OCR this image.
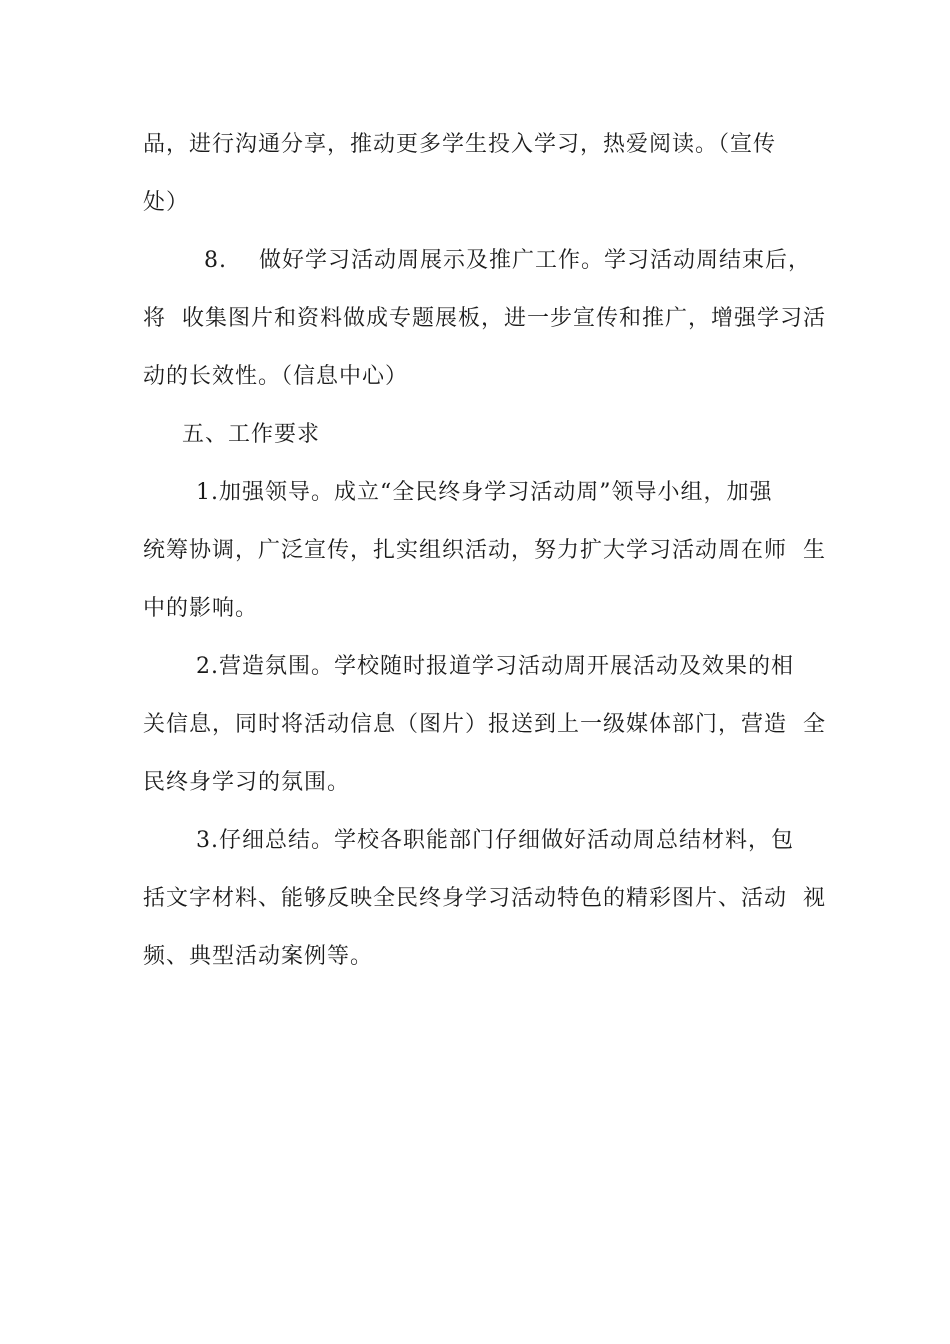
品，进行沟通分享，推动更多学生投入学习，热爱阅读。（宣传
处）
8.    做好学习活动周展示及推广工作。学习活动周结束后，
将  收集图片和资料做成专题展板，进一步宣传和推广，增强学习活
动的长效性。（信息中心）
五、工作要求
1.加强领导。成立“全民终身学习活动周”领导小组，加强
统筹协调，广泛宣传，扎实组织活动，努力扩大学习活动周在师  生
中的影响。
2.营造氛围。学校随时报道学习活动周开展活动及效果的相
关信息，同时将活动信息（图片）报送到上一级媒体部门，营造  全
民终身学习的氛围。
3.仔细总结。学校各职能部门仔细做好活动周总结材料，包
括文字材料、能够反映全民终身学习活动特色的精彩图片、活动  视
频、典型活动案例等。
